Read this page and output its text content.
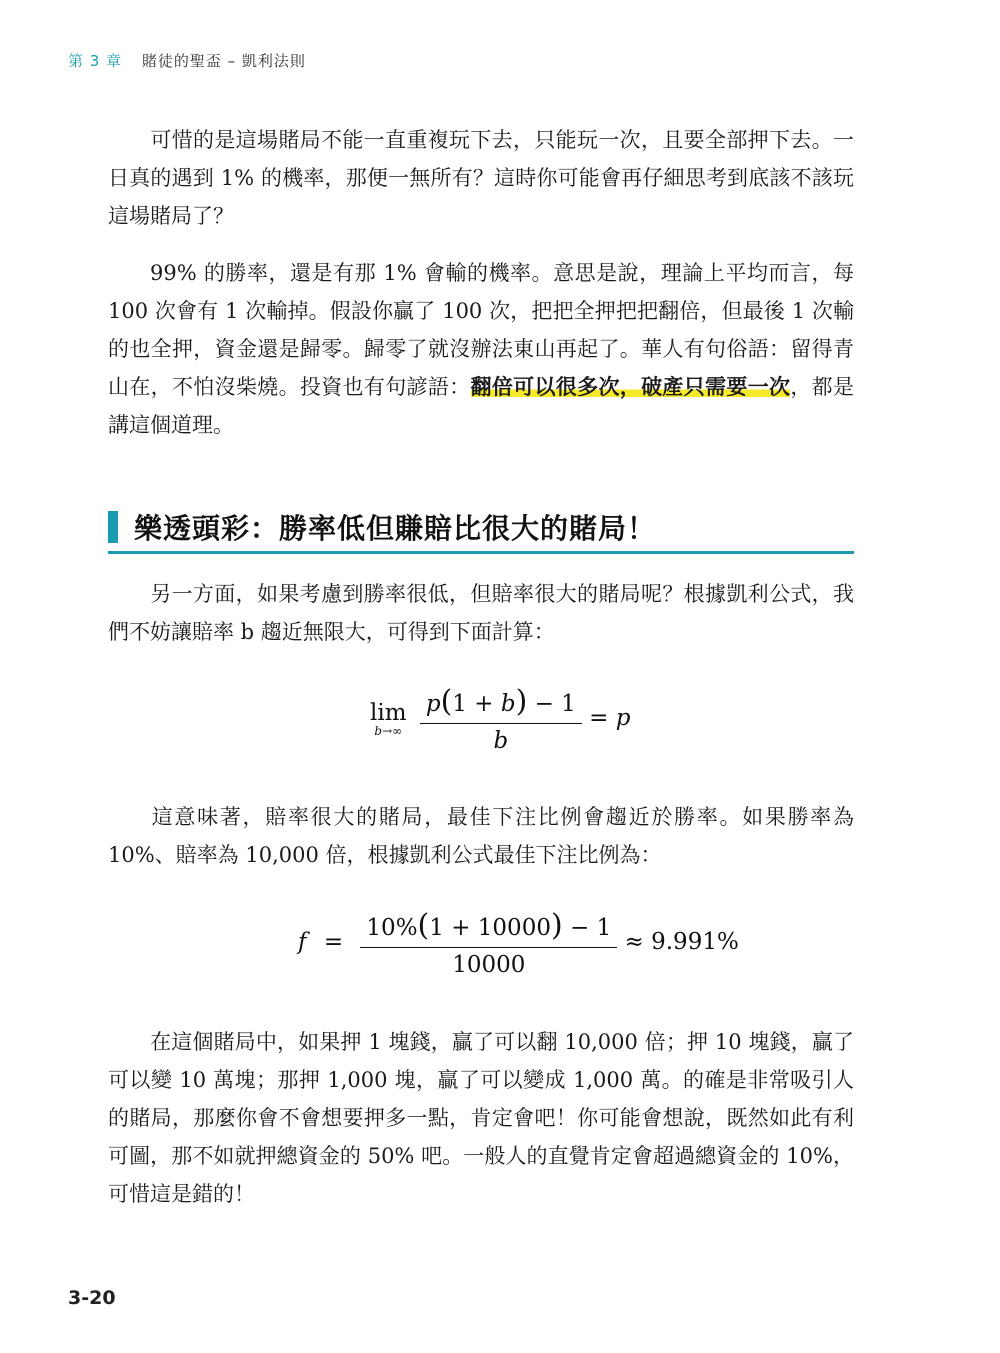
第 3 章 賭徒的聖盃 – 凱利法則

可惜的是這場賭局不能一直重複玩下去，只能玩一次，且要全部押下去。一日真的遇到 1% 的機率，那便一無所有？這時你可能會再仔細思考到底該不該玩這場賭局了？

99% 的勝率，還是有那 1% 會輸的機率。意思是說，理論上平均而言，每 100 次會有 1 次輸掉。假設你贏了 100 次，把把全押把把翻倍，但最後 1 次輸的也全押，資金還是歸零。歸零了就沒辦法東山再起了。華人有句俗語：留得青山在，不怕沒柴燒。投資也有句諺語：翻倍可以很多次，破產只需要一次，都是講這個道理。

樂透頭彩：勝率低但賺賠比很大的賭局！

另一方面，如果考慮到勝率很低，但賠率很大的賭局呢？根據凱利公式，我們不妨讓賠率 b 趨近無限大，可得到下面計算：

lim
b→∞
$\frac{p(1 + b) - 1}{b} = p$

這意味著，賠率很大的賭局，最佳下注比例會趨近於勝率。如果勝率為 10%、賠率為 10,000 倍，根據凱利公式最佳下注比例為：

$f = \frac{10\%(1 + 10000) - 1}{10000} \approx 9.991\%$

在這個賭局中，如果押 1 塊錢，贏了可以翻 10,000 倍；押 10 塊錢，贏了可以變 10 萬塊；那押 1,000 塊，贏了可以變成 1,000 萬。的確是非常吸引人的賭局，那麼你會不會想要押多一點，肯定會吧！你可能會想說，既然如此有利可圖，那不如就押總資金的 50% 吧。一般人的直覺肯定會超過總資金的 10%，可惜這是錯的！

3-20
